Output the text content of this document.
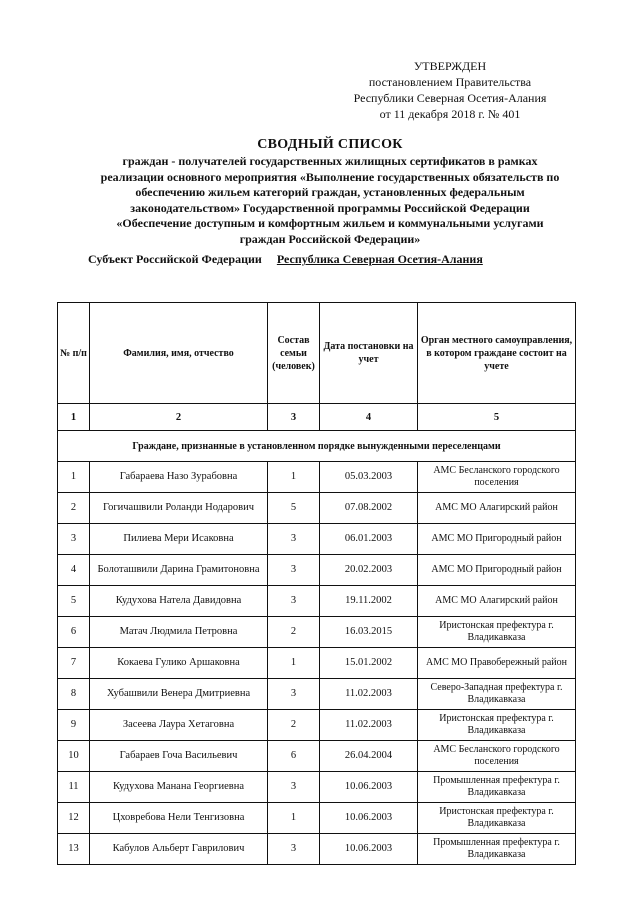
УТВЕРЖДЕН
постановлением Правительства
Республики Северная Осетия-Алания
от 11 декабря 2018 г. № 401
СВОДНЫЙ СПИСОК
граждан - получателей государственных жилищных сертификатов в рамках
реализации основного мероприятия «Выполнение государственных обязательств по
обеспечению жильем категорий граждан, установленных федеральным
законодательством» Государственной программы Российской Федерации
«Обеспечение доступным и комфортным жильем и коммунальными услугами
граждан Российской Федерации»
Субъект Российской Федерации Республика Северная Осетия-Алания
№ п/п	Фамилия, имя, отчество	Состав семьи (человек)	Дата постановки на учет	Орган местного самоуправления, в котором граждане состоит на учете
1	2	3	4	5
Граждане, признанные в установленном порядке вынужденными переселенцами				
1	Габараева Назо Зурабовна	1	05.03.2003	АМС Бесланского городского поселения
2	Гогичашвили Роланди Нодарович	5	07.08.2002	АМС МО Алагирский район
3	Пилиева Мери Исаковна	3	06.01.2003	АМС МО Пригородный район
4	Болоташвили Дарина Грамитоновна	3	20.02.2003	АМС МО Пригородный район
5	Кудухова Натела Давидовна	3	19.11.2002	АМС МО Алагирский район
6	Матач Людмила Петровна	2	16.03.2015	Иристонская префектура г. Владикавказа
7	Кокаева Гулико Аршаковна	1	15.01.2002	АМС МО Правобережный район
8	Хубашвили Венера Дмитриевна	3	11.02.2003	Северо-Западная префектура г. Владикавказа
9	Засеева Лаура Хетаговна	2	11.02.2003	Иристонская префектура г. Владикавказа
10	Габараев Гоча Васильевич	6	26.04.2004	АМС Бесланского городского поселения
11	Кудухова Манана Георгиевна	3	10.06.2003	Промышленная префектура г. Владикавказа
12	Цховребова Нели Тенгизовна	1	10.06.2003	Иристонская префектура г. Владикавказа
13	Кабулов Альберт Гаврилович	3	10.06.2003	Промышленная префектура г. Владикавказа
